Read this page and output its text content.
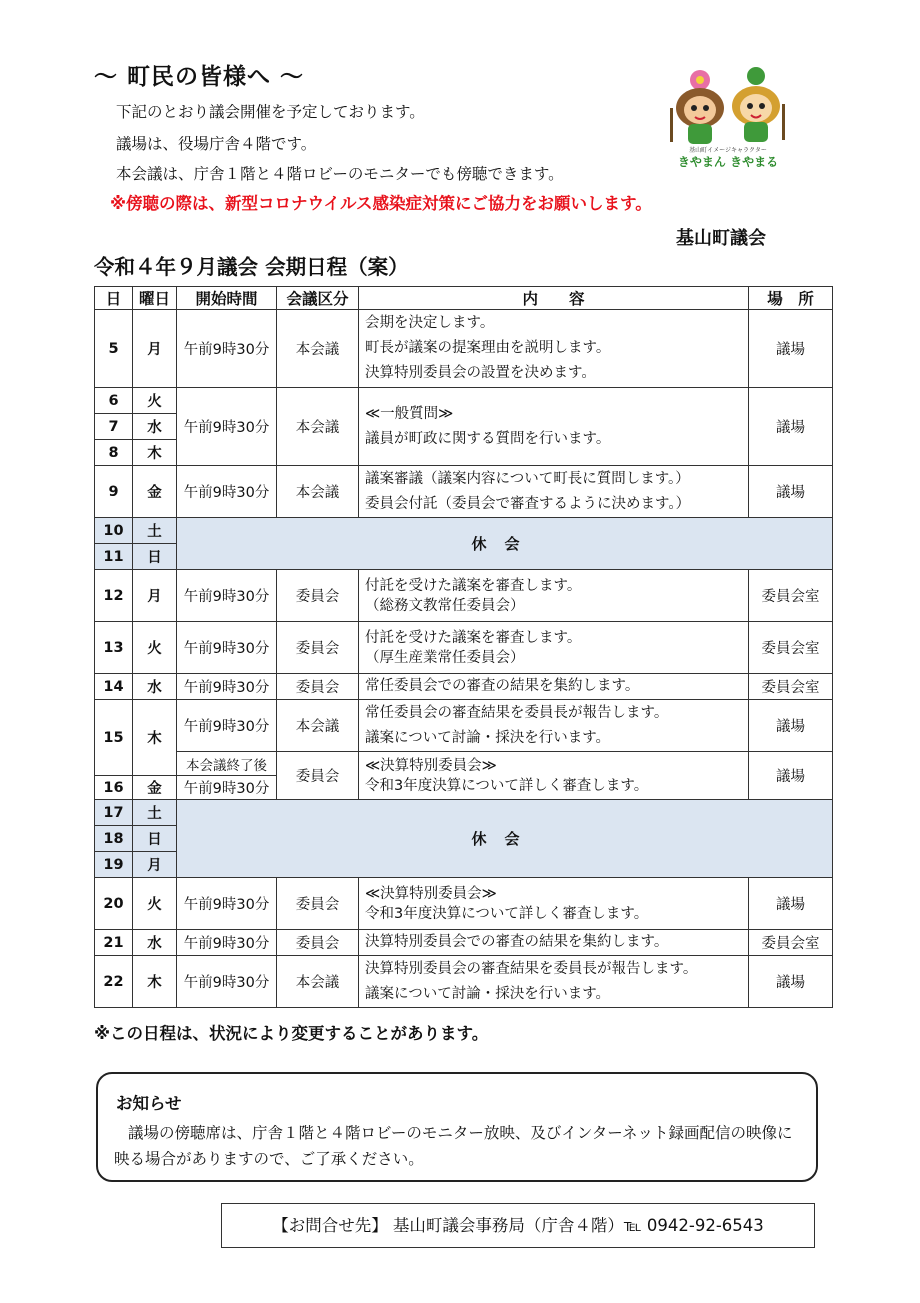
～ 町民の皆様へ ～
下記のとおり議会開催を予定しております。
議場は、役場庁舎４階です。
本会議は、庁舎１階と４階ロビーのモニターでも傍聴できます。
※傍聴の際は、新型コロナウイルス感染症対策にご協力をお願いします。
基山町議会
基山町イメージキャラクター
きやまん きやまる
令和４年９月議会 会期日程（案）
日	曜日	開始時間	会議区分	内　　容	場　所
5	月	午前9時30分	本会議	会期を決定します。
町長が議案の提案理由を説明します。
決算特別委員会の設置を決めます。	議場
6	火	午前9時30分	本会議	≪一般質問≫
議員が町政に関する質問を行います。	議場
7	水				
8	木				
9	金	午前9時30分	本会議	議案審議（議案内容について町長に質問します。）
委員会付託（委員会で審査するように決めます。）	議場
10	土	休会			
11	日				
12	月	午前9時30分	委員会	付託を受けた議案を審査します。
（総務文教常任委員会）	委員会室
13	火	午前9時30分	委員会	付託を受けた議案を審査します。
（厚生産業常任委員会）	委員会室
14	水	午前9時30分	委員会	常任委員会での審査の結果を集約します。	委員会室
15	木	午前9時30分	本会議	常任委員会の審査結果を委員長が報告します。
議案について討論・採決を行います。	議場
		本会議終了後	委員会	≪決算特別委員会≫
令和3年度決算について詳しく審査します。	議場
16	金	午前9時30分			
17	土	休会			
18	日				
19	月				
20	火	午前9時30分	委員会	≪決算特別委員会≫
令和3年度決算について詳しく審査します。	議場
21	水	午前9時30分	委員会	決算特別委員会での審査の結果を集約します。	委員会室
22	木	午前9時30分	本会議	決算特別委員会の審査結果を委員長が報告します。
議案について討論・採決を行います。	議場
※この日程は、状況により変更することがあります。
お知らせ
議場の傍聴席は、庁舎１階と４階ロビーのモニター放映、及びインターネット録画配信の映像に映る場合がありますので、ご了承ください。
【お問合せ先】 基山町議会事務局（庁舎４階）℡ 0942-92-6543
